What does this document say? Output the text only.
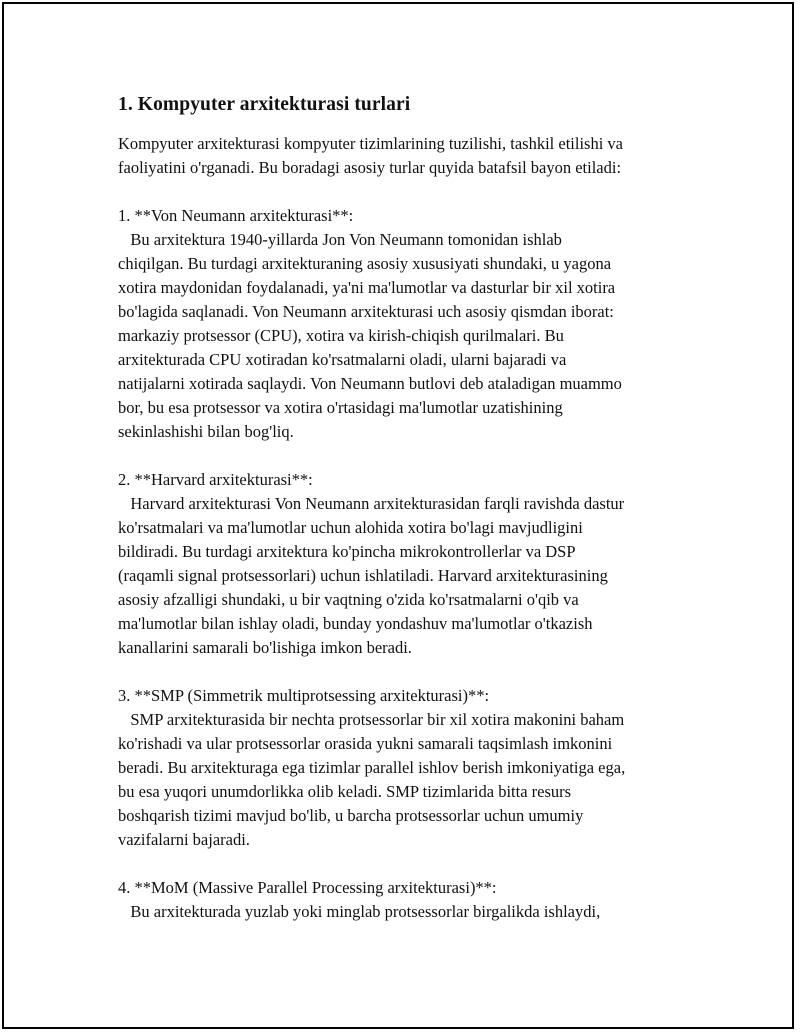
1. Kompyuter arxitekturasi turlari

Kompyuter arxitekturasi kompyuter tizimlarining tuzilishi, tashkil etilishi va
faoliyatini o'rganadi. Bu boradagi asosiy turlar quyida batafsil bayon etiladi:

1. **Von Neumann arxitekturasi**:

Bu arxitektura 1940-yillarda Jon Von Neumann tomonidan ishlab
chiqilgan. Bu turdagi arxitekturaning asosiy xususiyati shundaki, u yagona
xotira maydonidan foydalanadi, ya'ni ma'lumotlar va dasturlar bir xil xotira
bo'lagida saqlanadi. Von Neumann arxitekturasi uch asosiy qismdan iborat:
markaziy protsessor (CPU), xotira va kirish-chiqish qurilmalari. Bu
arxitekturada CPU xotiradan ko'rsatmalarni oladi, ularni bajaradi va
natijalarni xotirada saqlaydi. Von Neumann butlovi deb ataladigan muammo
bor, bu esa protsessor va xotira o'rtasidagi ma'lumotlar uzatishining
sekinlashishi bilan bog'liq.

2. **Harvard arxitekturasi**:

Harvard arxitekturasi Von Neumann arxitekturasidan farqli ravishda dastur
ko'rsatmalari va ma'lumotlar uchun alohida xotira bo'lagi mavjudligini
bildiradi. Bu turdagi arxitektura ko'pincha mikrokontrollerlar va DSP
(raqamli signal protsessorlari) uchun ishlatiladi. Harvard arxitekturasining
asosiy afzalligi shundaki, u bir vaqtning o'zida ko'rsatmalarni o'qib va
ma'lumotlar bilan ishlay oladi, bunday yondashuv ma'lumotlar o'tkazish
kanallarini samarali bo'lishiga imkon beradi.

3. **SMP (Simmetrik multiprotsessing arxitekturasi)**:

SMP arxitekturasida bir nechta protsessorlar bir xil xotira makonini baham
ko'rishadi va ular protsessorlar orasida yukni samarali taqsimlash imkonini
beradi. Bu arxitekturaga ega tizimlar parallel ishlov berish imkoniyatiga ega,
bu esa yuqori unumdorlikka olib keladi. SMP tizimlarida bitta resurs
boshqarish tizimi mavjud bo'lib, u barcha protsessorlar uchun umumiy
vazifalarni bajaradi.

4. **MoM (Massive Parallel Processing arxitekturasi)**:

Bu arxitekturada yuzlab yoki minglab protsessorlar birgalikda ishlaydi,
